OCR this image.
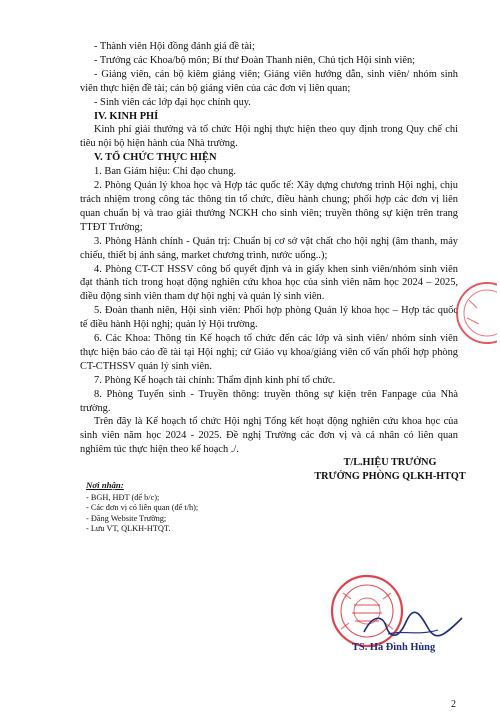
- Thành viên Hội đồng đánh giá đề tài;

- Trưởng các Khoa/bộ môn; Bí thư Đoàn Thanh niên, Chủ tịch Hội sinh viên;

- Giảng viên, cán bộ kiêm giảng viên; Giảng viên hướng dẫn, sinh viên/ nhóm sinh viên thực hiện đề tài; cán bộ giảng viên của các đơn vị liên quan;

- Sinh viên các lớp đại học chính quy.

IV. KINH PHÍ

Kinh phí giải thưởng và tổ chức Hội nghị thực hiện theo quy định trong Quy chế chi tiêu nội bộ hiện hành của Nhà trường.

V. TỔ CHỨC THỰC HIỆN

1. Ban Giám hiệu: Chỉ đạo chung.

2. Phòng Quản lý khoa học và Hợp tác quốc tế: Xây dựng chương trình Hội nghị, chịu trách nhiệm trong công tác thông tin tổ chức, điều hành chung; phối hợp các đơn vị liên quan chuẩn bị và trao giải thưởng NCKH cho sinh viên; truyền thông sự kiện trên trang TTĐT Trường;

3. Phòng Hành chính - Quản trị: Chuẩn bị cơ sở vật chất cho hội nghị (âm thanh, máy chiếu, thiết bị ánh sáng, market chương trình, nước uống..);

4. Phòng CT-CT HSSV công bố quyết định và in giấy khen sinh viên/nhóm sinh viên đạt thành tích trong hoạt động nghiên cứu khoa học của sinh viên năm học 2024 – 2025, điều động sinh viên tham dự hội nghị và quản lý sinh viên.

5. Đoàn thanh niên, Hội sinh viên: Phối hợp phòng Quản lý khoa học – Hợp tác quốc tế điều hành Hội nghị; quản lý Hội trường.

6. Các Khoa: Thông tin Kế hoạch tổ chức đến các lớp và sinh viên/ nhóm sinh viên thực hiện báo cáo đề tài tại Hội nghị; cử Giáo vụ khoa/giảng viên cố vấn phối hợp phòng CT-CTHSSV quản lý sinh viên.

7. Phòng Kế hoạch tài chính: Thẩm định kinh phí tổ chức.

8. Phòng Tuyển sinh - Truyền thông: truyền thông sự kiện trên Fanpage của Nhà trường.

Trên đây là Kế hoạch tổ chức Hội nghị Tổng kết hoạt động nghiên cứu khoa học của sinh viên năm học 2024 - 2025. Đề nghị Trường các đơn vị và cá nhân có liên quan nghiêm túc thực hiện theo kế hoạch ./.

Nơi nhận:
- BGH, HĐT (để b/c);
- Các đơn vị có liên quan (để t/h);
- Đăng Website Trường;
- Lưu VT, QLKH-HTQT.
T/L.HIỆU TRƯỞNG
TRƯỞNG PHÒNG QLKH-HTQT
TS. Hà Đình Hùng
2
